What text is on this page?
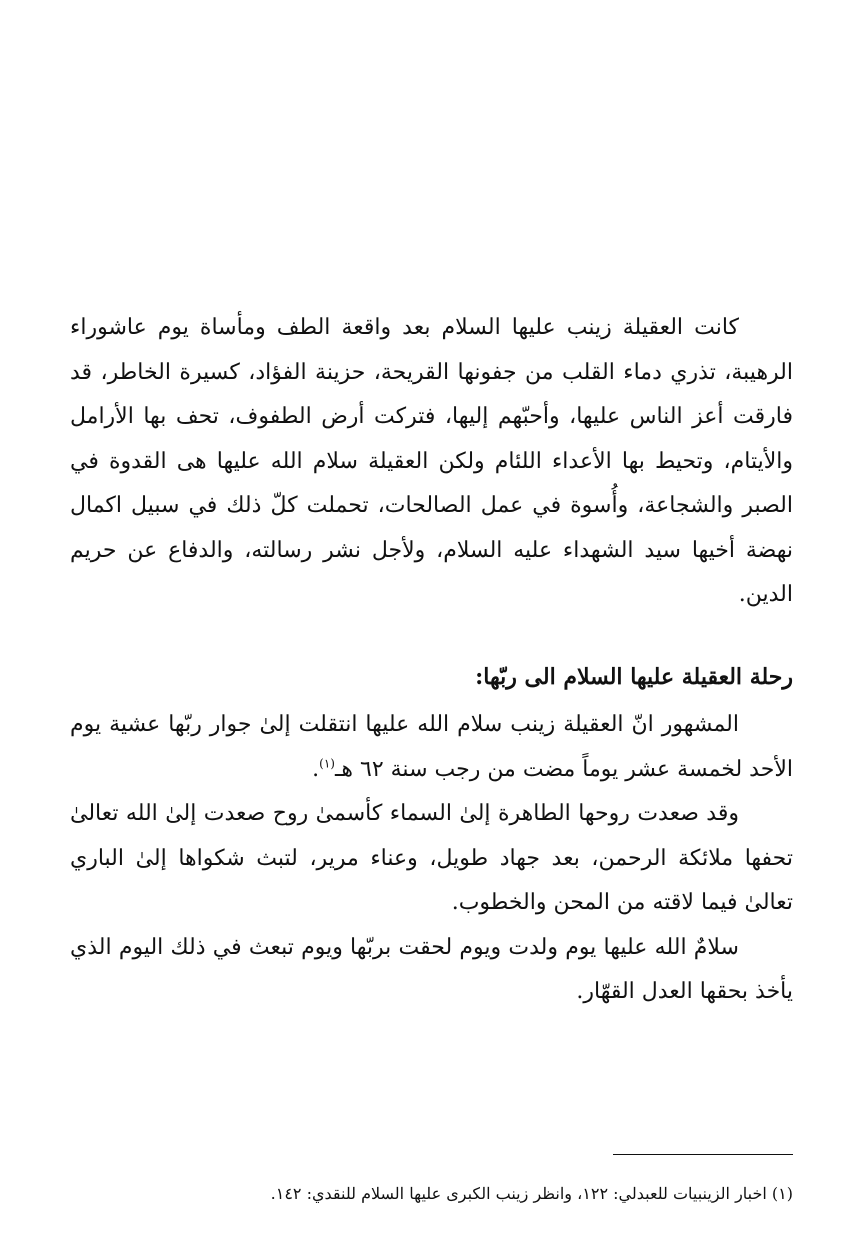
كانت العقيلة زينب عليها السلام بعد واقعة الطف ومأساة يوم عاشوراء الرهيبة، تذري دماء القلب من جفونها القريحة، حزينة الفؤاد، كسيرة الخاطر، قد فارقت أعز الناس عليها، وأحبّهم إليها، فتركت أرض الطفوف، تحف بها الأرامل والأيتام، وتحيط بها الأعداء اللئام ولكن العقيلة سلام الله عليها هى القدوة في الصبر والشجاعة، وأُسوة في عمل الصالحات، تحملت كلّ ذلك في سبيل اكمال نهضة أخيها سيد الشهداء عليه السلام، ولأجل نشر رسالته، والدفاع عن حريم الدين.

رحلة العقيلة عليها السلام الى ربّها:

المشهور انّ العقيلة زينب سلام الله عليها انتقلت إلىٰ جوار ربّها عشية يوم الأحد لخمسة عشر يوماً مضت من رجب سنة ٦٢ هـ$^{(١)}$.

وقد صعدت روحها الطاهرة إلىٰ السماء كأسمىٰ روح صعدت إلىٰ الله تعالىٰ تحفها ملائكة الرحمن، بعد جهاد طويل، وعناء مرير، لتبث شكواها إلىٰ الباري تعالىٰ فيما لاقته من المحن والخطوب.

سلامٌ الله عليها يوم ولدت ويوم لحقت بربّها ويوم تبعث في ذلك اليوم الذي يأخذ بحقها العدل القهّار.

(١) اخبار الزينبيات للعبدلي: ١٢٢، وانظر زينب الكبرى عليها السلام للنقدي: ١٤٢.
